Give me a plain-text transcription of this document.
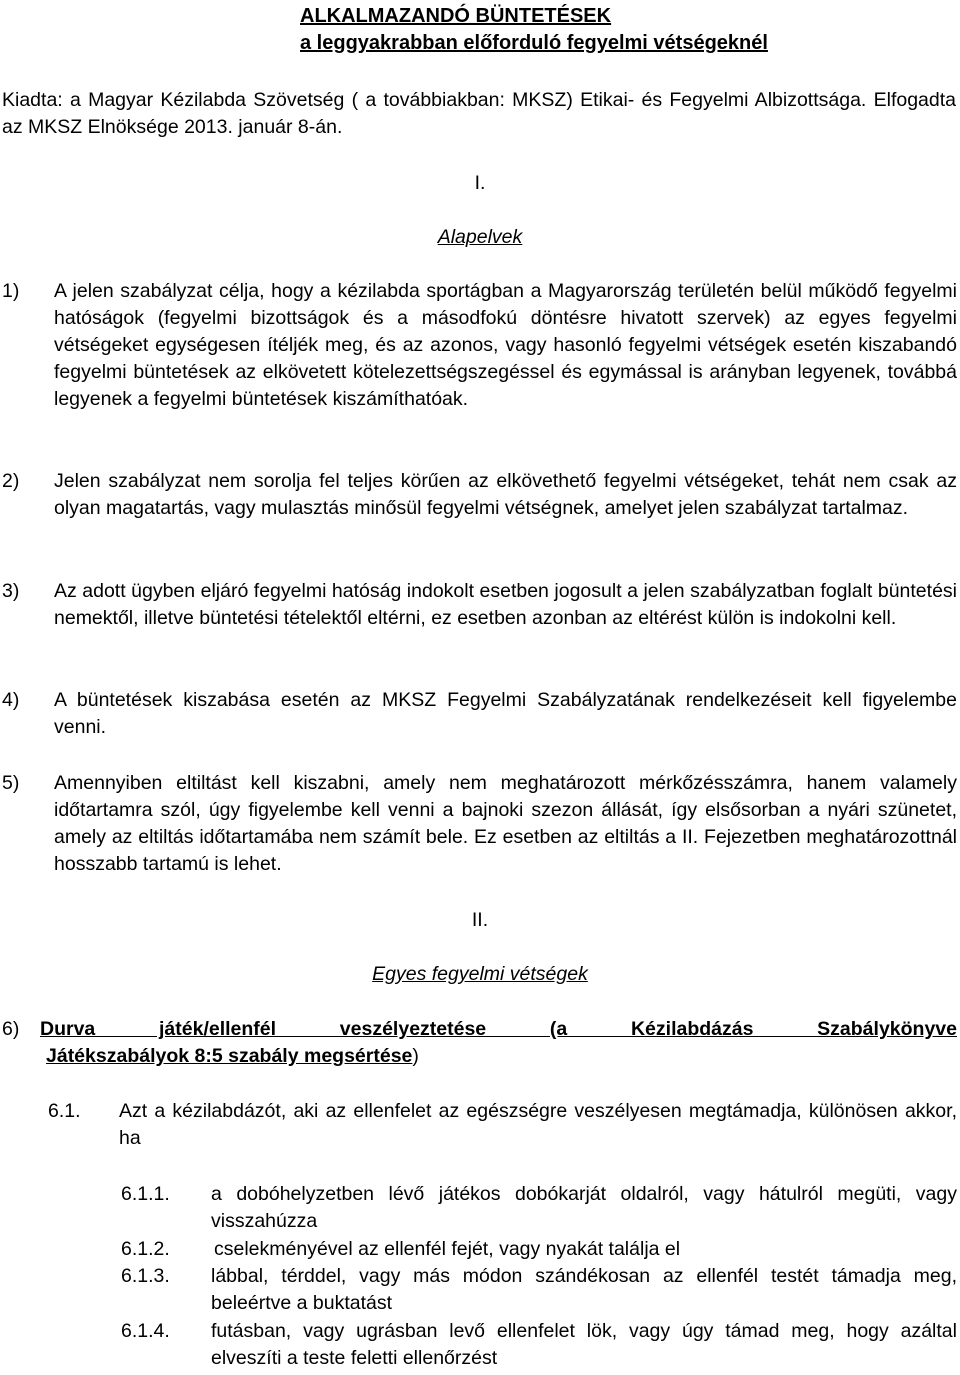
ALKALMAZANDÓ BÜNTETÉSEK
a leggyakrabban előforduló fegyelmi vétségeknél
Kiadta: a Magyar Kézilabda Szövetség ( a továbbiakban: MKSZ) Etikai- és Fegyelmi Albizottsága. Elfogadta az MKSZ Elnöksége 2013. január 8-án.
I.
Alapelvek
1) A jelen szabályzat célja, hogy a kézilabda sportágban a Magyarország területén belül működő fegyelmi hatóságok (fegyelmi bizottságok és a másodfokú döntésre hivatott szervek) az egyes fegyelmi vétségeket egységesen ítéljék meg, és az azonos, vagy hasonló fegyelmi vétségek esetén kiszabandó fegyelmi büntetések az elkövetett kötelezettségszegéssel és egymással is arányban legyenek, továbbá legyenek a fegyelmi büntetések kiszámíthatóak.
2) Jelen szabályzat nem sorolja fel teljes körűen az elkövethető fegyelmi vétségeket, tehát nem csak az olyan magatartás, vagy mulasztás minősül fegyelmi vétségnek, amelyet jelen szabályzat tartalmaz.
3) Az adott ügyben eljáró fegyelmi hatóság indokolt esetben jogosult a jelen szabályzatban foglalt büntetési nemektől, illetve büntetési tételektől eltérni, ez esetben azonban az eltérést külön is indokolni kell.
4) A büntetések kiszabása esetén az MKSZ Fegyelmi Szabályzatának rendelkezéseit kell figyelembe venni.
5) Amennyiben eltiltást kell kiszabni, amely nem meghatározott mérkőzésszámra, hanem valamely időtartamra szól, úgy figyelembe kell venni a bajnoki szezon állását, így elsősorban a nyári szünetet, amely az eltiltás időtartamába nem számít bele. Ez esetben az eltiltás a II. Fejezetben meghatározottnál hosszabb tartamú is lehet.
II.
Egyes fegyelmi vétségek
6) Durva játék/ellenfél veszélyeztetése (a Kézilabdázás Szabálykönyve
Játékszabályok 8:5 szabály megsértése)
6.1. Azt a kézilabdázót, aki az ellenfelet az egészségre veszélyesen megtámadja, különösen akkor, ha
6.1.1. a dobóhelyzetben lévő játékos dobókarját oldalról, vagy hátulról megüti, vagy visszahúzza
6.1.2. cselekményével az ellenfél fejét, vagy nyakát találja el
6.1.3. lábbal, térddel, vagy más módon szándékosan az ellenfél testét támadja meg, beleértve a buktatást
6.1.4. futásban, vagy ugrásban levő ellenfelet lök, vagy úgy támad meg, hogy azáltal elveszíti a teste feletti ellenőrzést
